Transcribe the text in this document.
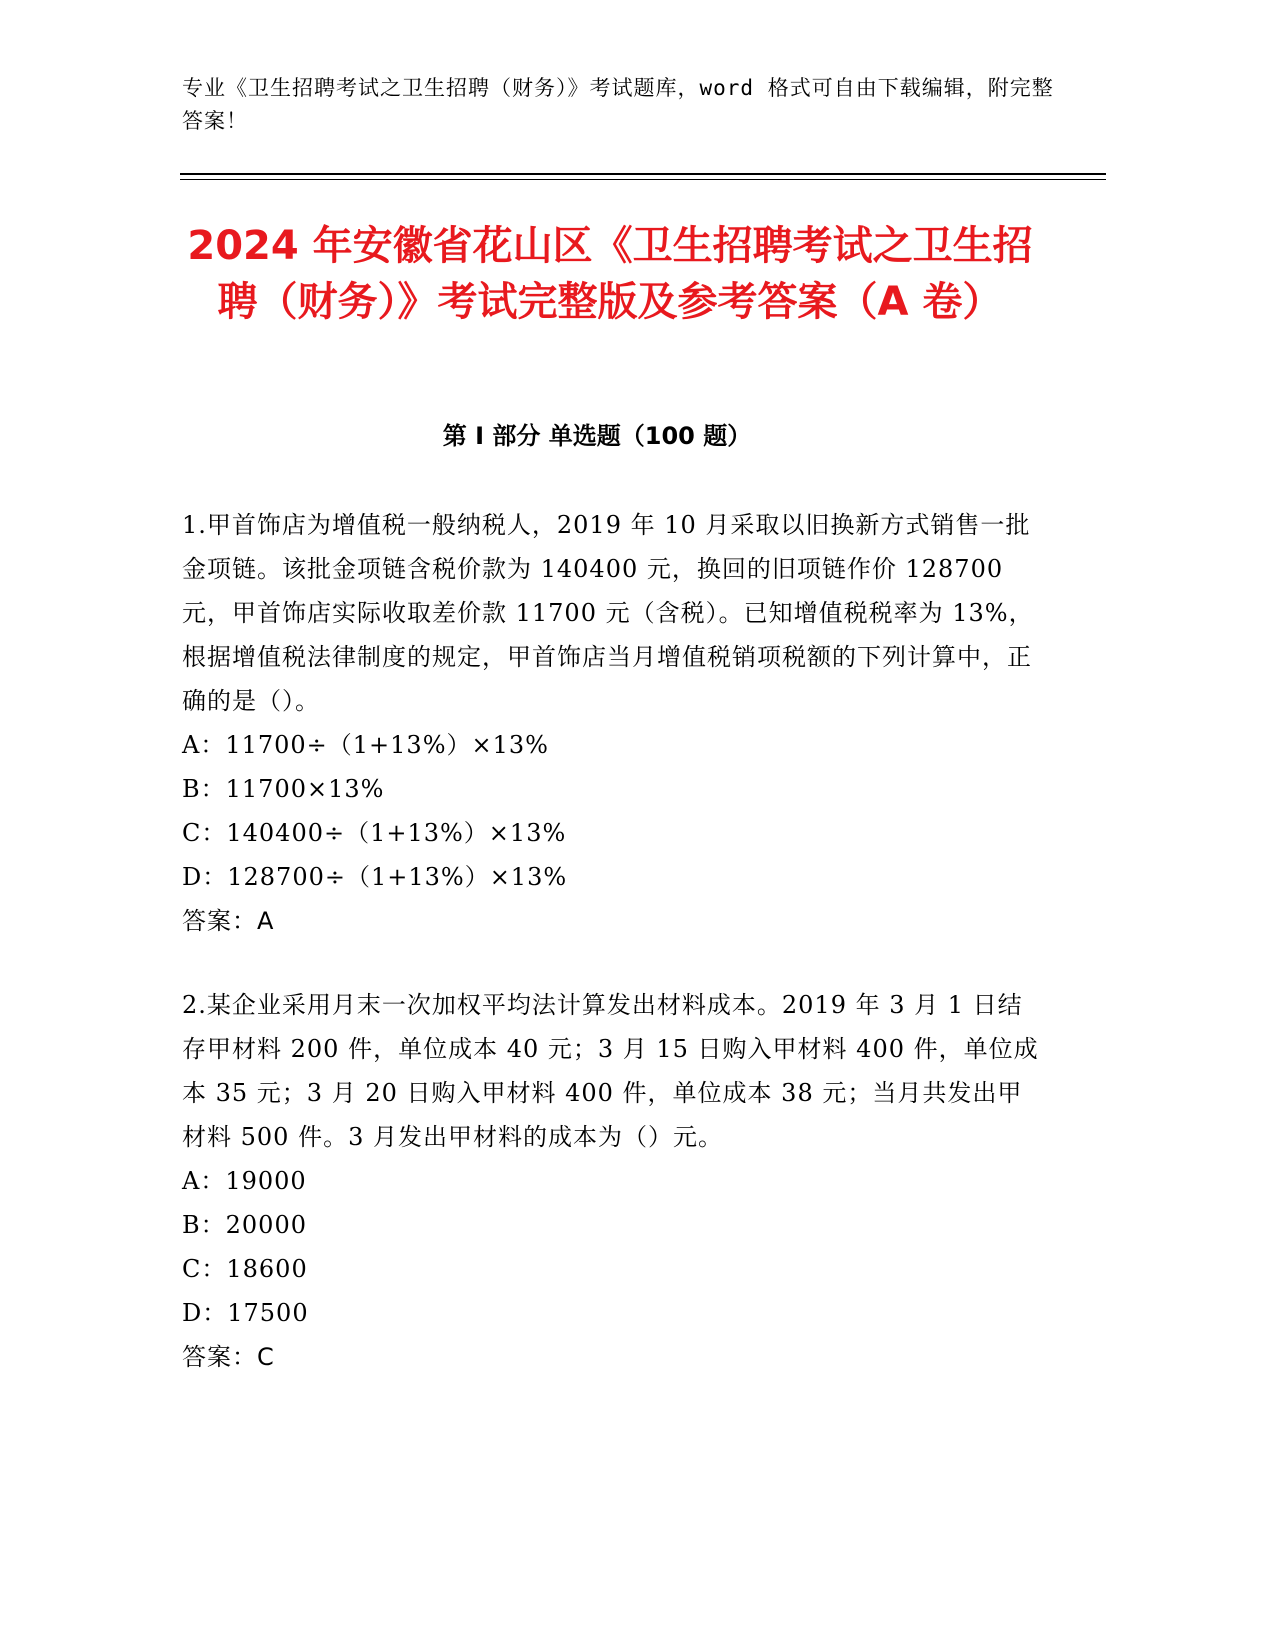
专业《卫生招聘考试之卫生招聘（财务）》考试题库，word 格式可自由下载编辑，附完整答案！
2024 年安徽省花山区《卫生招聘考试之卫生招聘（财务）》考试完整版及参考答案（A 卷）
第 I 部分 单选题（100 题）

1.甲首饰店为增值税一般纳税人，2019 年 10 月采取以旧换新方式销售一批金项链。该批金项链含税价款为 140400 元，换回的旧项链作价 128700 元，甲首饰店实际收取差价款 11700 元（含税）。已知增值税税率为 13%，根据增值税法律制度的规定，甲首饰店当月增值税销项税额的下列计算中，正确的是（）。

A：11700÷（1+13%）×13%

B：11700×13%

C：140400÷（1+13%）×13%

D：128700÷（1+13%）×13%

答案：A

2.某企业采用月末一次加权平均法计算发出材料成本。2019 年 3 月 1 日结存甲材料 200 件，单位成本 40 元；3 月 15 日购入甲材料 400 件，单位成本 35 元；3 月 20 日购入甲材料 400 件，单位成本 38 元；当月共发出甲材料 500 件。3 月发出甲材料的成本为（）元。

A：19000

B：20000

C：18600

D：17500

答案：C
